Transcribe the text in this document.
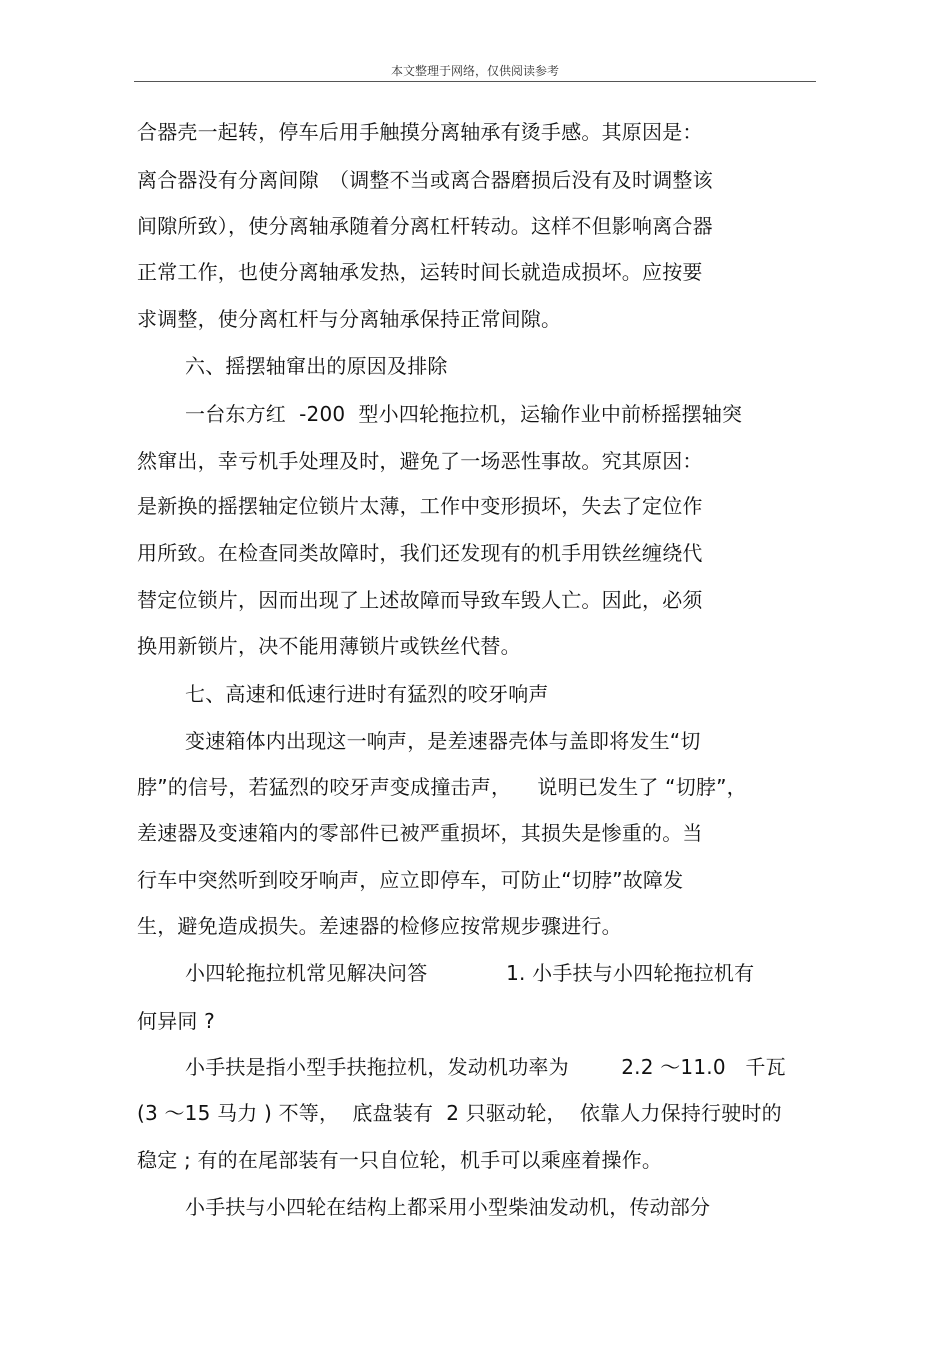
本文整理于网络，仅供阅读参考
合器壳一起转，停车后用手触摸分离轴承有烫手感。其原因是：
离合器没有分离间隙　（调整不当或离合器磨损后没有及时调整该
间隙所致），使分离轴承随着分离杠杆转动。这样不但影响离合器
正常工作，也使分离轴承发热，运转时间长就造成损坏。应按要
求调整，使分离杠杆与分离轴承保持正常间隙。
六、摇摆轴窜出的原因及排除
一台东方红  -200  型小四轮拖拉机，运输作业中前桥摇摆轴突
然窜出，幸亏机手处理及时，避免了一场恶性事故。究其原因：
是新换的摇摆轴定位锁片太薄，工作中变形损坏，失去了定位作
用所致。在检查同类故障时，我们还发现有的机手用铁丝缠绕代
替定位锁片，因而出现了上述故障而导致车毁人亡。因此，必须
换用新锁片，决不能用薄锁片或铁丝代替。
七、高速和低速行进时有猛烈的咬牙响声
变速箱体内出现这一响声，是差速器壳体与盖即将发生“切
脖”的信号，若猛烈的咬牙声变成撞击声，    说明已发生了 “切脖”，
差速器及变速箱内的零部件已被严重损坏，其损失是惨重的。当
行车中突然听到咬牙响声，应立即停车，可防止“切脖”故障发
生，避免造成损失。差速器的检修应按常规步骤进行。
小四轮拖拉机常见解决问答            1. 小手扶与小四轮拖拉机有
何异同 ?
小手扶是指小型手扶拖拉机，发动机功率为        2.2 ～11.0   千瓦
(3 ～15 马力 ) 不等，  底盘装有  2 只驱动轮，  依靠人力保持行驶时的
稳定 ; 有的在尾部装有一只自位轮，机手可以乘座着操作。
小手扶与小四轮在结构上都采用小型柴油发动机，传动部分
